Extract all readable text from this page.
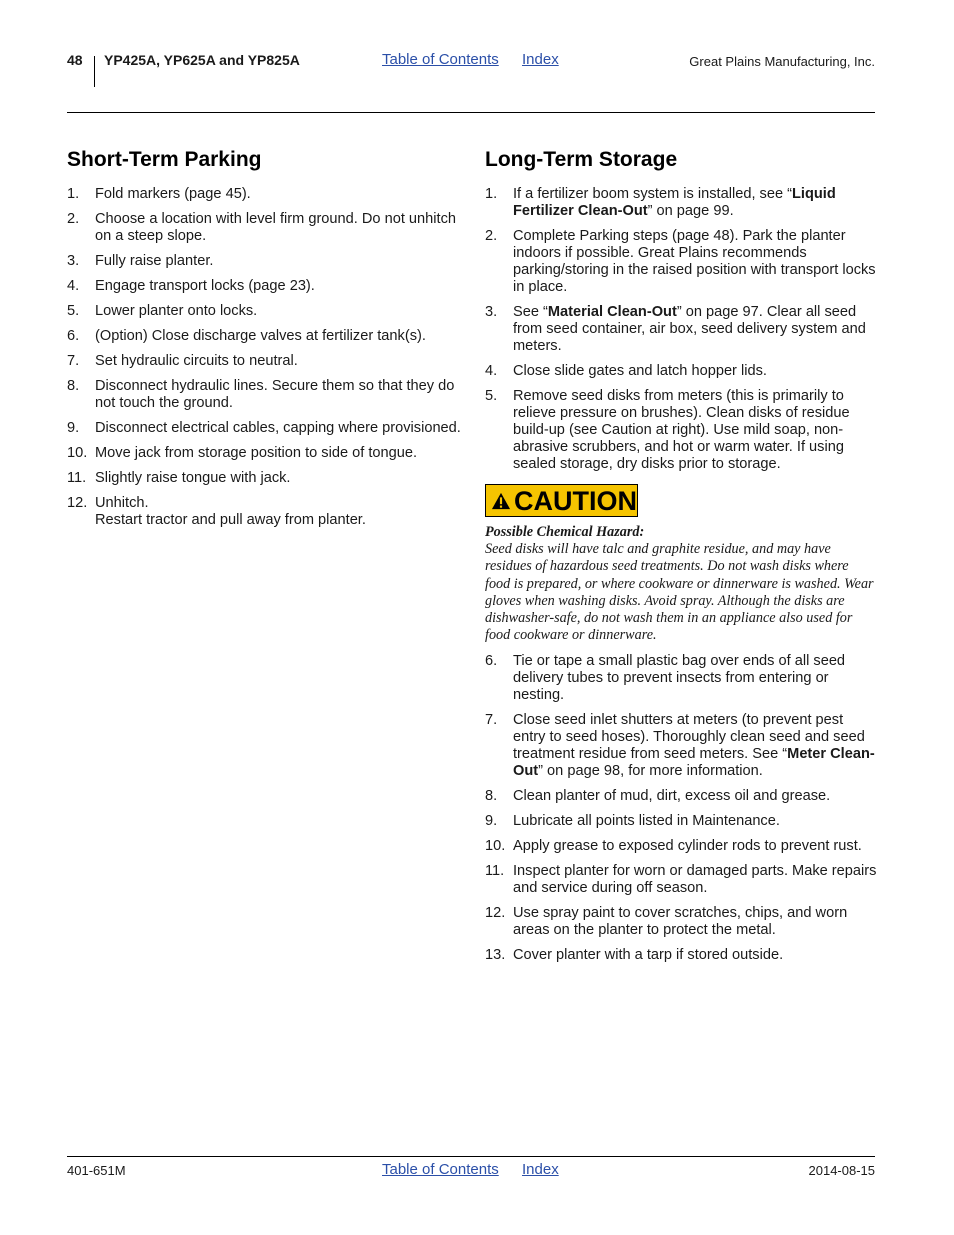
48 YP425A, YP625A and YP825A	Table of Contents Index	Great Plains Manufacturing, Inc.
Short-Term Parking
1. Fold markers (page 45).
2. Choose a location with level firm ground. Do not unhitch on a steep slope.
3. Fully raise planter.
4. Engage transport locks (page 23).
5. Lower planter onto locks.
6. (Option) Close discharge valves at fertilizer tank(s).
7. Set hydraulic circuits to neutral.
8. Disconnect hydraulic lines. Secure them so that they do not touch the ground.
9. Disconnect electrical cables, capping where provisioned.
10. Move jack from storage position to side of tongue.
11. Slightly raise tongue with jack.
12. Unhitch.
Restart tractor and pull away from planter.
Long-Term Storage
1. If a fertilizer boom system is installed, see “Liquid Fertilizer Clean-Out” on page 99.
2. Complete Parking steps (page 48). Park the planter indoors if possible. Great Plains recommends parking/storing in the raised position with transport locks in place.
3. See “Material Clean-Out” on page 97. Clear all seed from seed container, air box, seed delivery system and meters.
4. Close slide gates and latch hopper lids.
5. Remove seed disks from meters (this is primarily to relieve pressure on brushes). Clean disks of residue build-up (see Caution at right). Use mild soap, non-abrasive scrubbers, and hot or warm water. If using sealed storage, dry disks prior to storage.
CAUTION
Possible Chemical Hazard:
Seed disks will have talc and graphite residue, and may have residues of hazardous seed treatments. Do not wash disks where food is prepared, or where cookware or dinnerware is washed. Wear gloves when washing disks. Avoid spray. Although the disks are dishwasher-safe, do not wash them in an appliance also used for food cookware or dinnerware.
6. Tie or tape a small plastic bag over ends of all seed delivery tubes to prevent insects from entering or nesting.
7. Close seed inlet shutters at meters (to prevent pest entry to seed hoses). Thoroughly clean seed and seed treatment residue from seed meters. See “Meter Clean-Out” on page 98, for more information.
8. Clean planter of mud, dirt, excess oil and grease.
9. Lubricate all points listed in Maintenance.
10. Apply grease to exposed cylinder rods to prevent rust.
11. Inspect planter for worn or damaged parts. Make repairs and service during off season.
12. Use spray paint to cover scratches, chips, and worn areas on the planter to protect the metal.
13. Cover planter with a tarp if stored outside.
401-651M	Table of Contents Index	2014-08-15
